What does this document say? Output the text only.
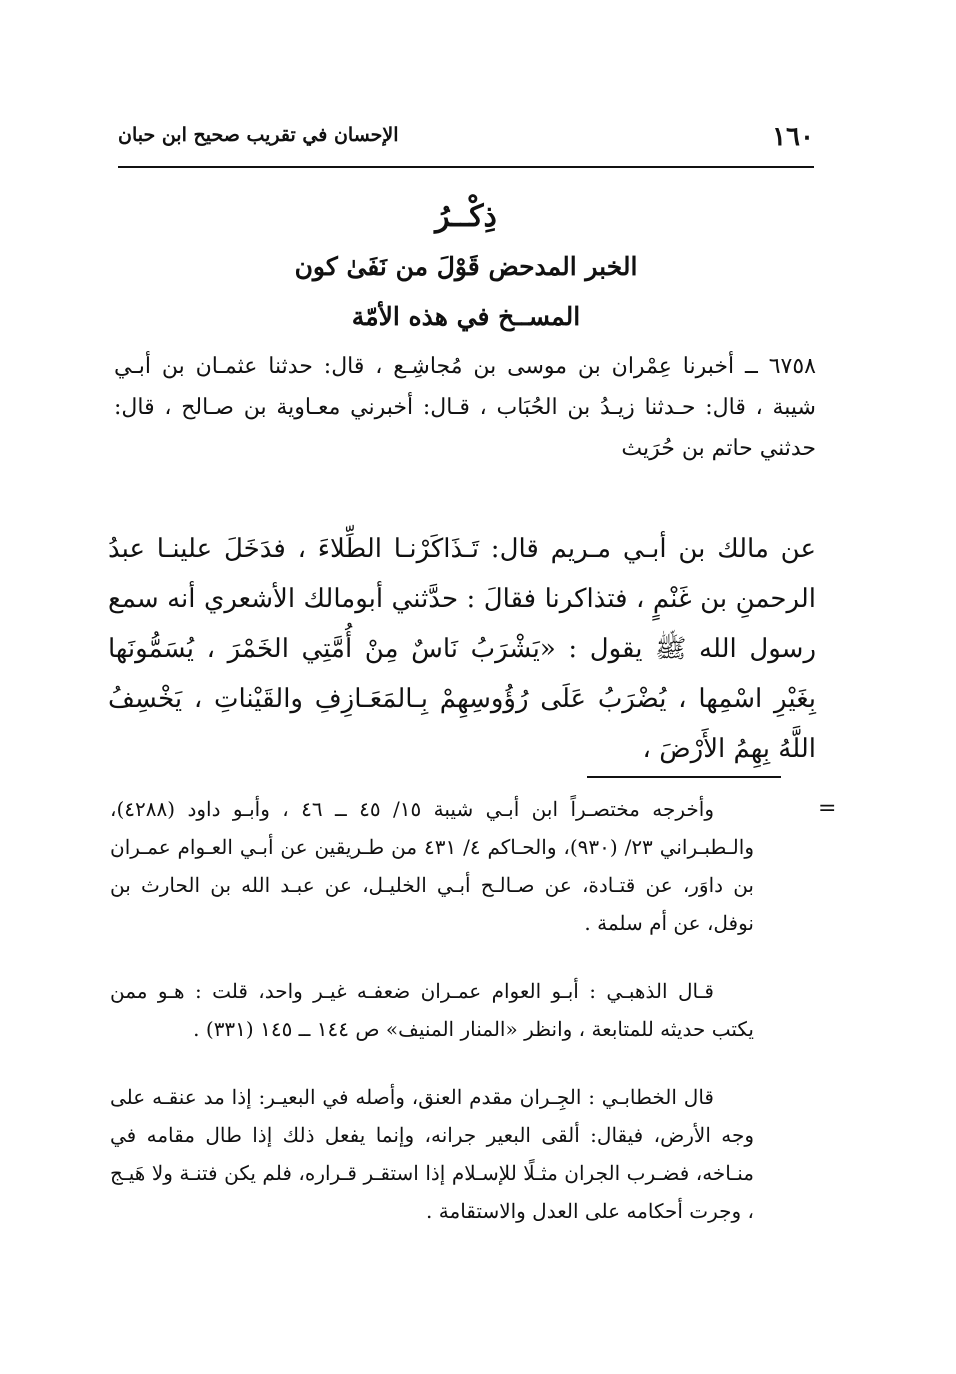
١٦٠
الإحسان في تقريب صحيح ابن حبان
ذِكْــرُ
الخبر المدحض قَوْلَ من نَفَىٰ كون
المســخ في هذه الأمّة

٦٧٥٨ ــ أخبرنا عِمْران بن موسى بن مُجاشِـع ، قال: حدثنا عثمـان بن أبـي شيبة ، قال: حـدثنا زيـدُ بن الحُبَاب ، قـال: أخبرني معـاوية بن صـالح ، قال: حدثني حاتم بن حُرَيث

عن مالك بن أبـي مـريم قال: تَـذَاكَرْنـا الطِّلاءَ ، فدَخَلَ علينـا عبدُ الرحمنِ بن غَنْمٍ ، فتذاكرنا فقالَ : حدَّثني أبومالك الأشعري أنه سمع رسول الله ﷺ يقول : «يَشْرَبُ نَاسٌ مِنْ أُمَّتِي الخَمْرَ ، يُسَمُّونَها بِغَيْرِ اسْمِها ، يُضْرَبُ عَلَى رُؤُوسِهِمْ بِـالمَعَـازِفِ والقَيْناتِ ، يَخْسِفُ اللَّهُ بِهِمُ الأَرْضَ ،

=

وأخرجه مختصـراً ابن أبـي شيبة ١٥/ ٤٥ ــ ٤٦ ، وأبـو داود (٤٢٨٨)، والـطبـراني ٢٣/ (٩٣٠)، والحـاكم ٤/ ٤٣١ من طـريقين عن أبـي العـوام عمـران بن داوَر، عن قتـادة، عن صـالـح أبـي الخليـل، عن عبـد الله بن الحارث بن نوفل، عن أم سلمة .

قـال الذهبـي : أبـو العوام عمـران ضعفـه غيـر واحد، قلت : هـو ممن يكتب حديثه للمتابعة ، وانظر «المنار المنيف» ص ١٤٤ ــ ١٤٥ (٣٣١) .

قال الخطابـي : الجِـران مقدم العنق، وأصله في البعيـر: إذا مد عنقـه على وجه الأرض، فيقال: ألقى البعير جرانه، وإنما يفعل ذلك إذا طال مقامه في منـاخه، فضـرب الجران مثـلًا للإسـلام إذا استقـر قـراره، فلم يكن فتنـة ولا هَيـج ، وجرت أحكامه على العدل والاستقامة .
